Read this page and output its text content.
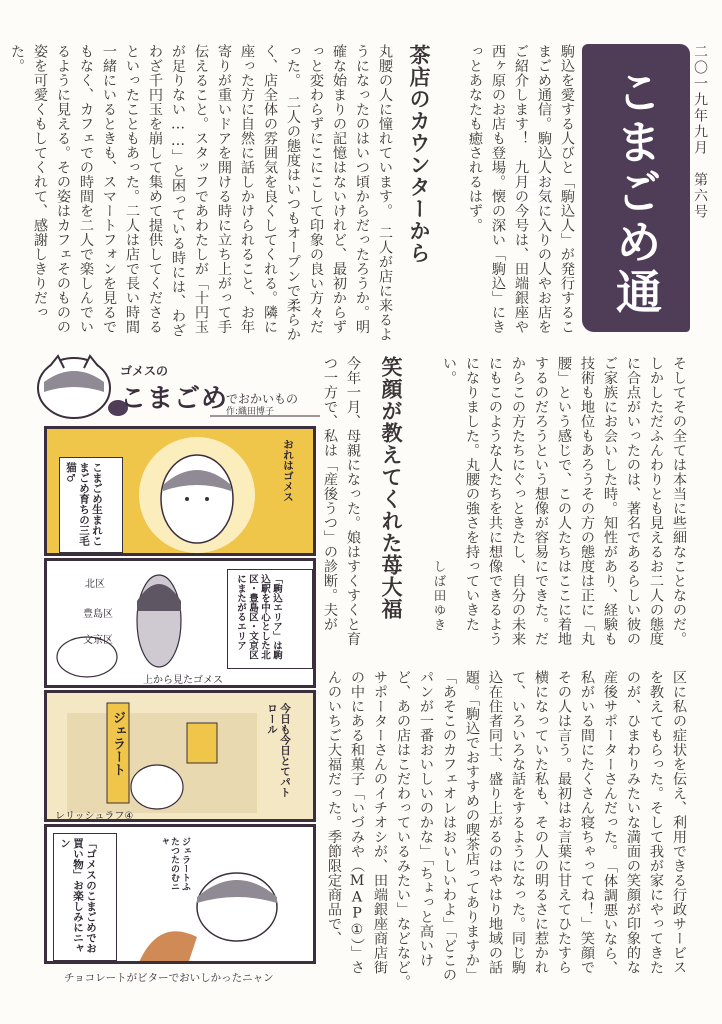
二〇一九年九月　第六号
こまごめ通信 駒込を愛する人びと「駒込人」が発行するこまごめ通信。駒込人お気に入りの人やお店をご紹介します！　九月の今号は、田端銀座や西ヶ原のお店も登場。懐の深い「駒込」にきっとあなたも癒されるはず。
茶店のカウンターから
丸腰の人に憧れています。　二人が店に来るようになったのはいつ頃からだったろうか。明確な始まりの記憶はないけれど、最初からずっと変わらずにこにこして印象の良い方々だった。　二人の態度はいつもオープンで柔らかく、店全体の雰囲気を良くしてくれる。隣に座った方に自然に話しかけられること、お年寄りが重いドアを開ける時に立ち上がって手伝えること。スタッフであわたしが「十円玉が足りない……」と困っている時には、わざわざ千円玉を崩して集めて提供してくださるといったこともあった。二人は店で長い時間一緒にいるときも、スマートフォンを見るでもなく、カフェでの時間を二人で楽しんでいるように見える。その姿はカフェそのものの姿を可愛くもしてくれて、感謝しきりだった。
そしてその全ては本当に些細なことなのだ。　しかしただふんわりとも見えるお二人の態度に合点がいったのは、著名であるらしい彼のご家族にお会いした時。知性があり、経験も技術も地位もあろうその方の態度は正に「丸腰」という感じで、この人たちはここに着地するのだろうという想像が容易にできた。だからこの方たちにぐっときたし、自分の未来にもこのような人たちを共に想像できるようになりました。丸腰の強さを持っていきたい。
しば田ゆき
笑顔が教えてくれた苺大福
今年一月、母親になった。娘はすくすくと育つ一方で、私は「産後うつ」の診断。夫が
区に私の症状を伝え、利用できる行政サービスを教えてもらった。そして我が家にやってきたのが、ひまわりみたいな満面の笑顔が印象的な産後サポーターさんだった。　「体調悪いなら、私がいる間にたくさん寝ちゃってね！」笑顔でその人は言う。最初はお言葉に甘えてひたすら横になっていた私も、その人の明るさに惹かれて、いろいろな話をするようになった。同じ駒込在住者同士、盛り上がるのはやはり地域の話題。「駒込でおすすめの喫茶店ってありますか」「あそこのカフェオレはおいしいわよ」「どこのパンが一番おいしいのかな」「ちょっと高いけど、あの店はこだわっているみたい」などなど。　サポーターさんのイチオシが、田端銀座商店街の中にある和菓子「いづみや（MAP①）」さんのいちご大福だった。季節限定商品で、
ゴメスの
こまごめ
でおかいもの
作:織田博子
おれはゴメス
こまごめ生まれこまごめ育ちの三毛猫♂
北区
豊島区
文京区	「駒込エリア」は駒込駅を中心とした北区・豊島区・文京区にまたがるエリア
上から見たゴメス
ジェラート	今日も今日とてパトロール
レリッシュラフ④
「ゴメスのこまごめでお買い物」お楽しみにニャン	ジェラートふたつたのむニャ
チョコレートがビターでおいしかったニャン
